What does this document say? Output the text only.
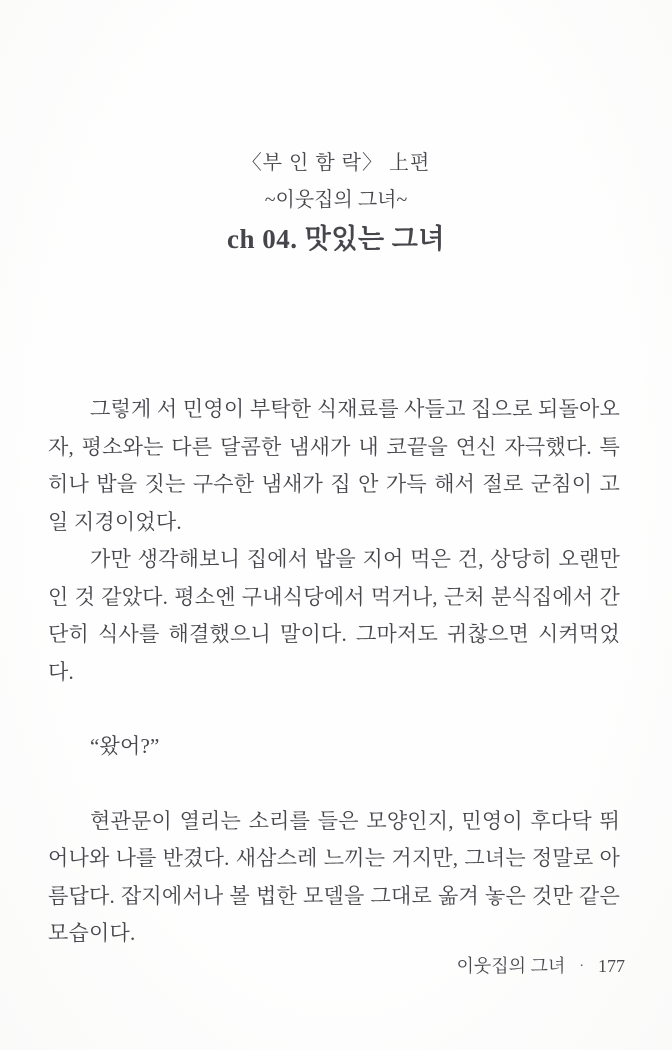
〈부 인 함 락〉 上편
~이웃집의 그녀~
ch 04. 맛있는 그녀

그렇게 서 민영이 부탁한 식재료를 사들고 집으로 되돌아오자, 평소와는 다른 달콤한 냄새가 내 코끝을 연신 자극했다. 특히나 밥을 짓는 구수한 냄새가 집 안 가득 해서 절로 군침이 고일 지경이었다.

가만 생각해보니 집에서 밥을 지어 먹은 건, 상당히 오랜만인 것 같았다. 평소엔 구내식당에서 먹거나, 근처 분식집에서 간단히 식사를 해결했으니 말이다. 그마저도 귀찮으면 시켜먹었다.

“왔어?”

현관문이 열리는 소리를 들은 모양인지, 민영이 후다닥 뛰어나와 나를 반겼다. 새삼스레 느끼는 거지만, 그녀는 정말로 아름답다. 잡지에서나 볼 법한 모델을 그대로 옮겨 놓은 것만 같은 모습이다.

이웃집의 그녀 · 177
